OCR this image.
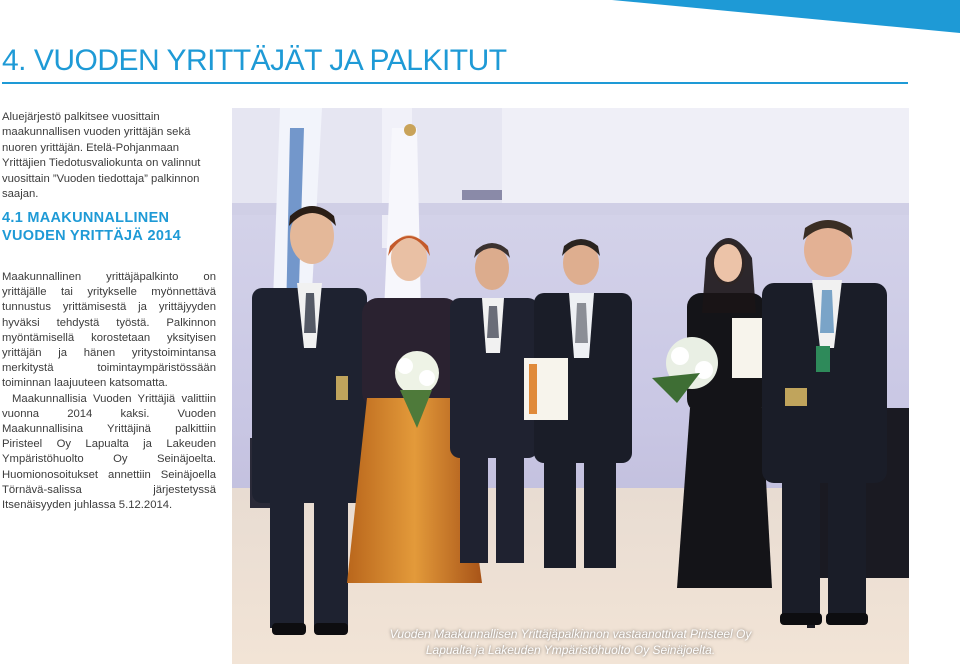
17
4. VUODEN YRITTÄJÄT JA PALKITUT

Aluejärjestö palkitsee vuosittain maakunnallisen vuoden yrittäjän sekä nuoren yrittäjän. Etelä-Pohjanmaan Yrittäjien Tiedotusvaliokunta on valinnut vuosittain ”Vuoden tiedottaja” palkinnon saajan.

4.1 MAAKUNNALLINEN
VUODEN YRITTÄJÄ 2014

Maakunnallinen yrittäjäpalkinto on yrittäjälle tai yritykselle myönnettävä tunnustus yrittämisestä ja yrittäjyyden hyväksi tehdystä työstä. Palkinnon myöntämisellä korostetaan yksityisen yrittäjän ja hänen yritystoimintansa merkitystä toimintaympäristössään toiminnan laajuuteen katsomatta.

Maakunnallisia Vuoden Yrittäjiä valittiin vuonna 2014 kaksi. Vuoden Maakunnallisina Yrittäjinä palkittiin Piristeel Oy Lapualta ja Lakeuden Ympäristöhuolto Oy Seinäjoelta. Huomionosoitukset annettiin Seinäjoella Törnävä-salissa järjestetyssä Itsenäisyyden juhlassa 5.12.2014.

Vuoden Maakunnallisen Yrittäjäpalkinnon vastaanottivat Piristeel Oy
Lapualta ja Lakeuden Ympäristöhuolto Oy Seinäjoelta.
